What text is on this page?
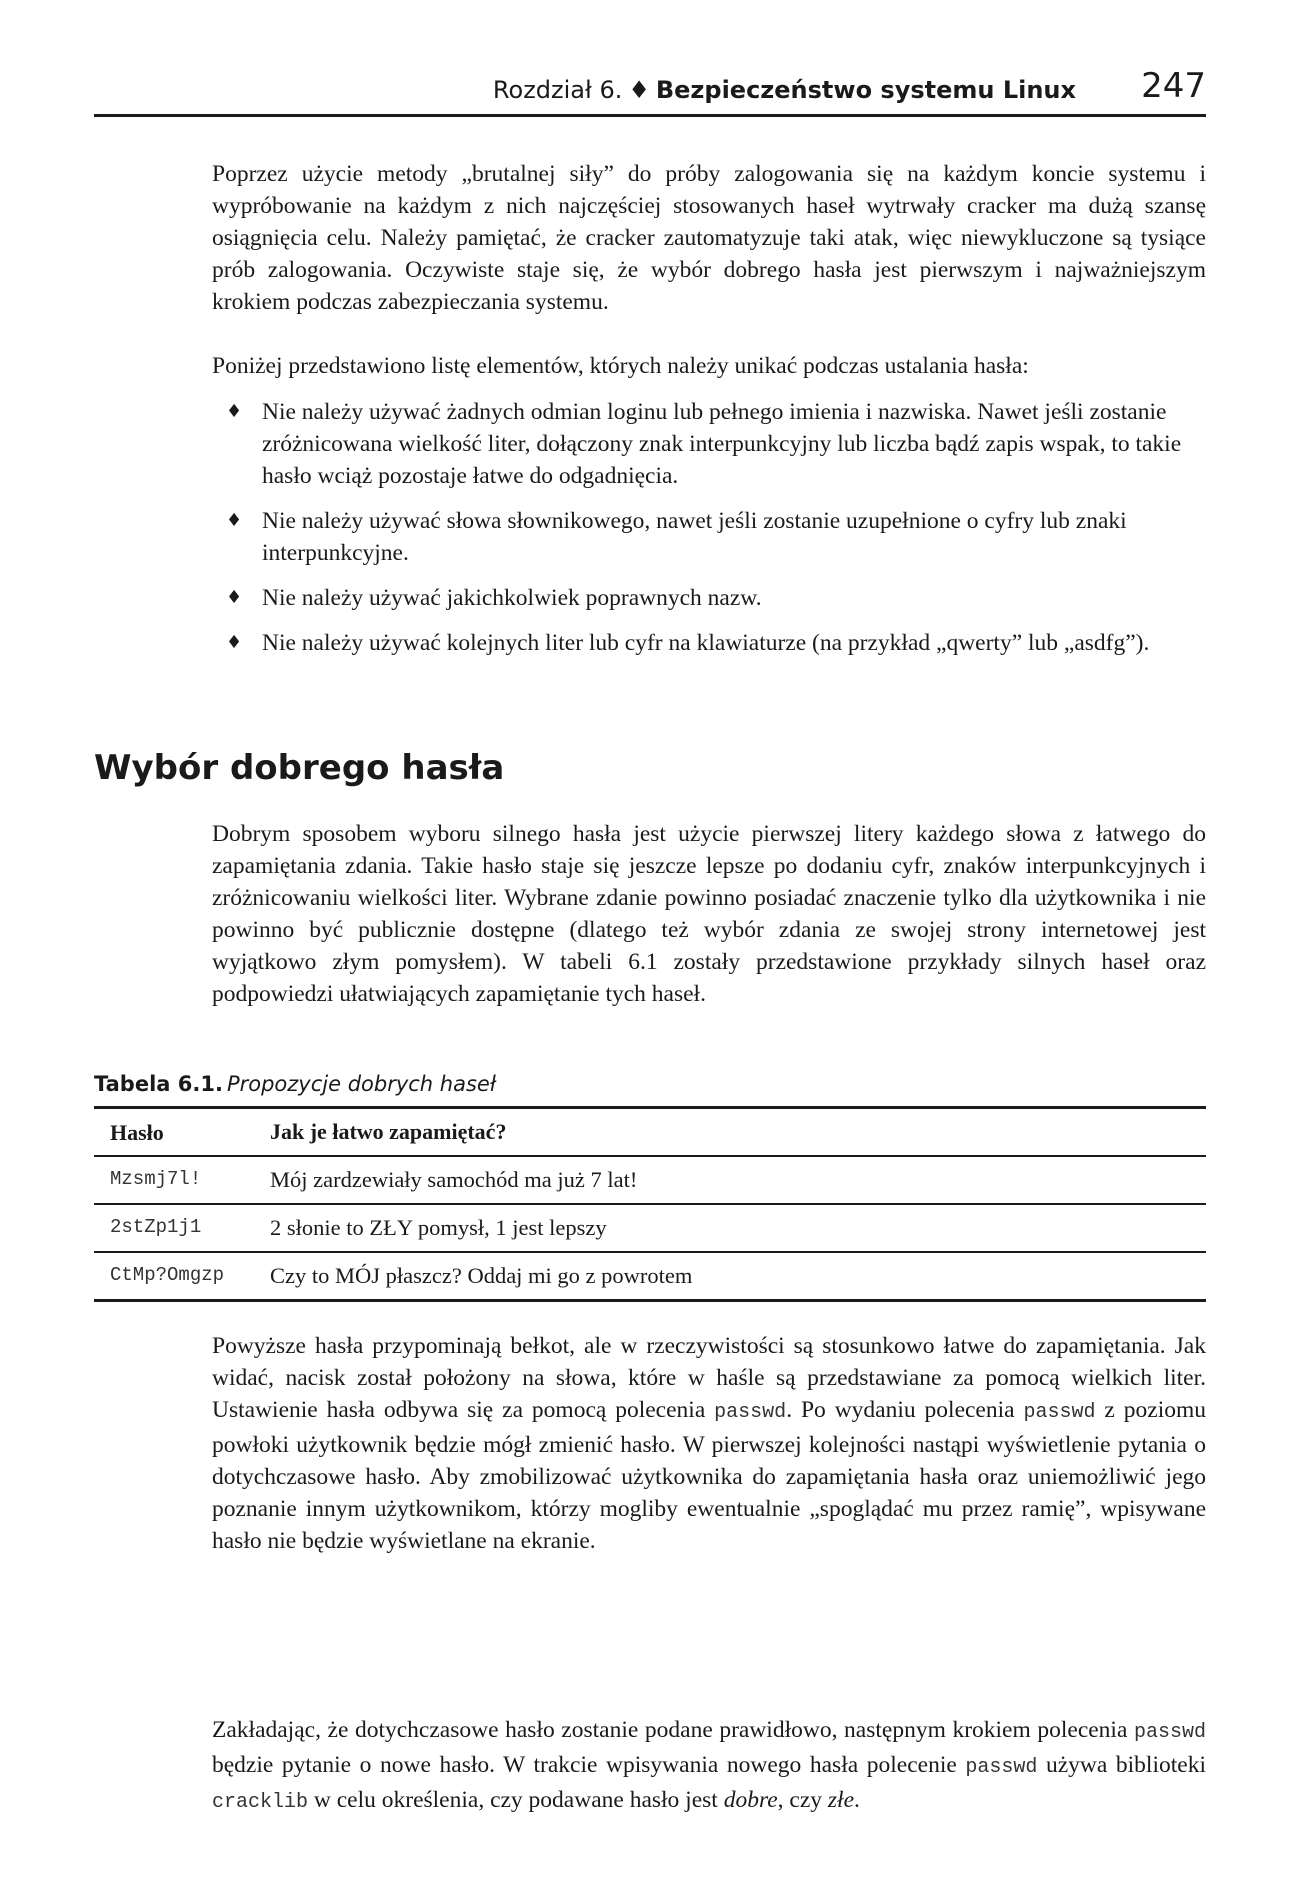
Rozdział 6. ♦ Bezpieczeństwo systemu Linux 247

Poprzez użycie metody „brutalnej siły” do próby zalogowania się na każdym koncie systemu i wypróbowanie na każdym z nich najczęściej stosowanych haseł wytrwały cracker ma dużą szansę osiągnięcia celu. Należy pamiętać, że cracker zautomatyzuje taki atak, więc niewykluczone są tysiące prób zalogowania. Oczywiste staje się, że wybór dobrego hasła jest pierwszym i najważniejszym krokiem podczas zabezpieczania systemu.

Poniżej przedstawiono listę elementów, których należy unikać podczas ustalania hasła:

♦ Nie należy używać żadnych odmian loginu lub pełnego imienia i nazwiska. Nawet jeśli zostanie zróżnicowana wielkość liter, dołączony znak interpunkcyjny lub liczba bądź zapis wspak, to takie hasło wciąż pozostaje łatwe do odgadnięcia.
♦ Nie należy używać słowa słownikowego, nawet jeśli zostanie uzupełnione o cyfry lub znaki interpunkcyjne.
♦ Nie należy używać jakichkolwiek poprawnych nazw.
♦ Nie należy używać kolejnych liter lub cyfr na klawiaturze (na przykład „qwerty” lub „asdfg”).
Wybór dobrego hasła

Dobrym sposobem wyboru silnego hasła jest użycie pierwszej litery każdego słowa z łatwego do zapamiętania zdania. Takie hasło staje się jeszcze lepsze po dodaniu cyfr, znaków interpunkcyjnych i zróżnicowaniu wielkości liter. Wybrane zdanie powinno posiadać znaczenie tylko dla użytkownika i nie powinno być publicznie dostępne (dlatego też wybór zdania ze swojej strony internetowej jest wyjątkowo złym pomysłem). W tabeli 6.1 zostały przedstawione przykłady silnych haseł oraz podpowiedzi ułatwiających zapamiętanie tych haseł.

Tabela 6.1. Propozycje dobrych haseł
Hasło	Jak je łatwo zapamiętać?
Mzsmj7l!	Mój zardzewiały samochód ma już 7 lat!
2stZp1j1	2 słonie to ZŁY pomysł, 1 jest lepszy
CtMp?Omgzp Czy to MÓJ płaszcz? Oddaj mi go z powrotem

Powyższe hasła przypominają bełkot, ale w rzeczywistości są stosunkowo łatwe do zapamiętania. Jak widać, nacisk został położony na słowa, które w haśle są przedstawiane za pomocą wielkich liter. Ustawienie hasła odbywa się za pomocą polecenia passwd. Po wydaniu polecenia passwd z poziomu powłoki użytkownik będzie mógł zmienić hasło. W pierwszej kolejności nastąpi wyświetlenie pytania o dotychczasowe hasło. Aby zmobilizować użytkownika do zapamiętania hasła oraz uniemożliwić jego poznanie innym użytkownikom, którzy mogliby ewentualnie „spoglądać mu przez ramię”, wpisywane hasło nie będzie wyświetlane na ekranie.

Zakładając, że dotychczasowe hasło zostanie podane prawidłowo, następnym krokiem polecenia passwd będzie pytanie o nowe hasło. W trakcie wpisywania nowego hasła polecenie passwd używa biblioteki cracklib w celu określenia, czy podawane hasło jest dobre, czy złe.
